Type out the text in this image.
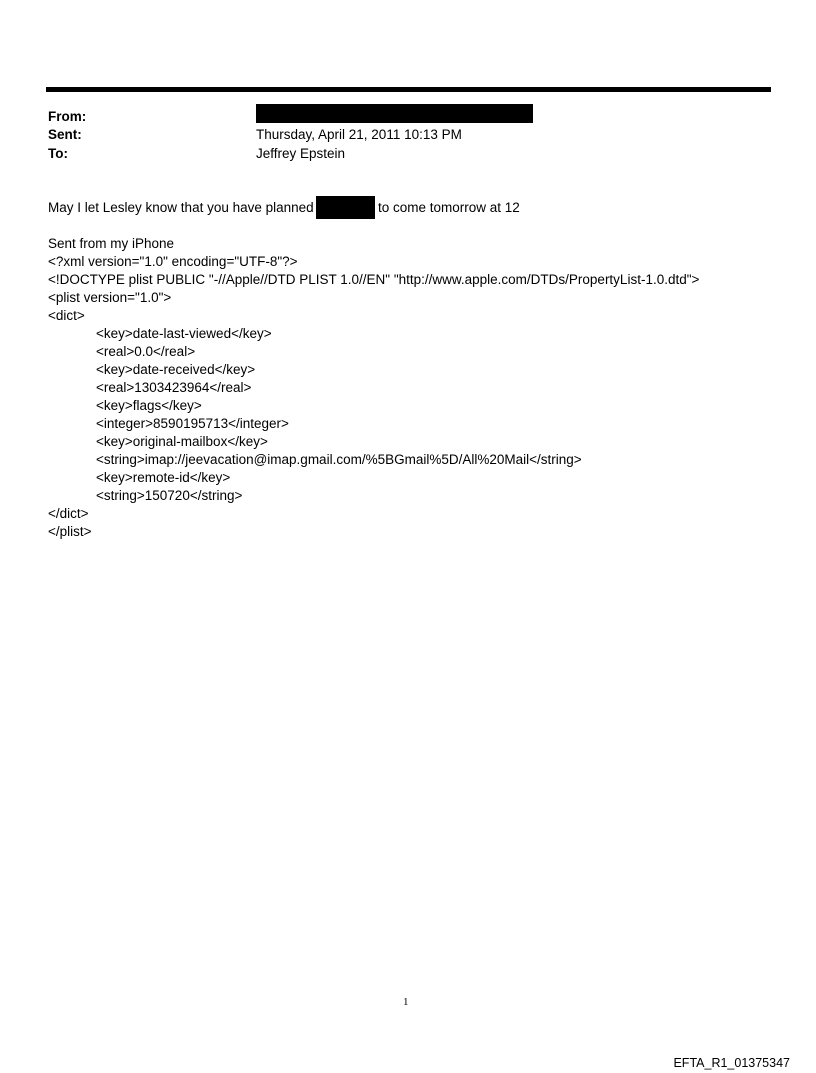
From:
Sent:	Thursday, April 21, 2011 10:13 PM
To:	Jeffrey Epstein
May I let Lesley know that you have planned	to come tomorrow at 12
Sent from my iPhone
<?xml version="1.0" encoding="UTF-8"?>
<!DOCTYPE plist PUBLIC "-//Apple//DTD PLIST 1.0//EN" "http://www.apple.com/DTDs/PropertyList-1.0.dtd">
<plist version="1.0">
<dict>
<key>date-last-viewed</key>
<real>0.0</real>
<key>date-received</key>
<real>1303423964</real>
<key>flags</key>
<integer>8590195713</integer>
<key>original-mailbox</key>
<string>imap://jeevacation@imap.gmail.com/%5BGmail%5D/All%20Mail</string>
<key>remote-id</key>
<string>150720</string>
</dict>
</plist>
1
EFTA_R1_01375347
